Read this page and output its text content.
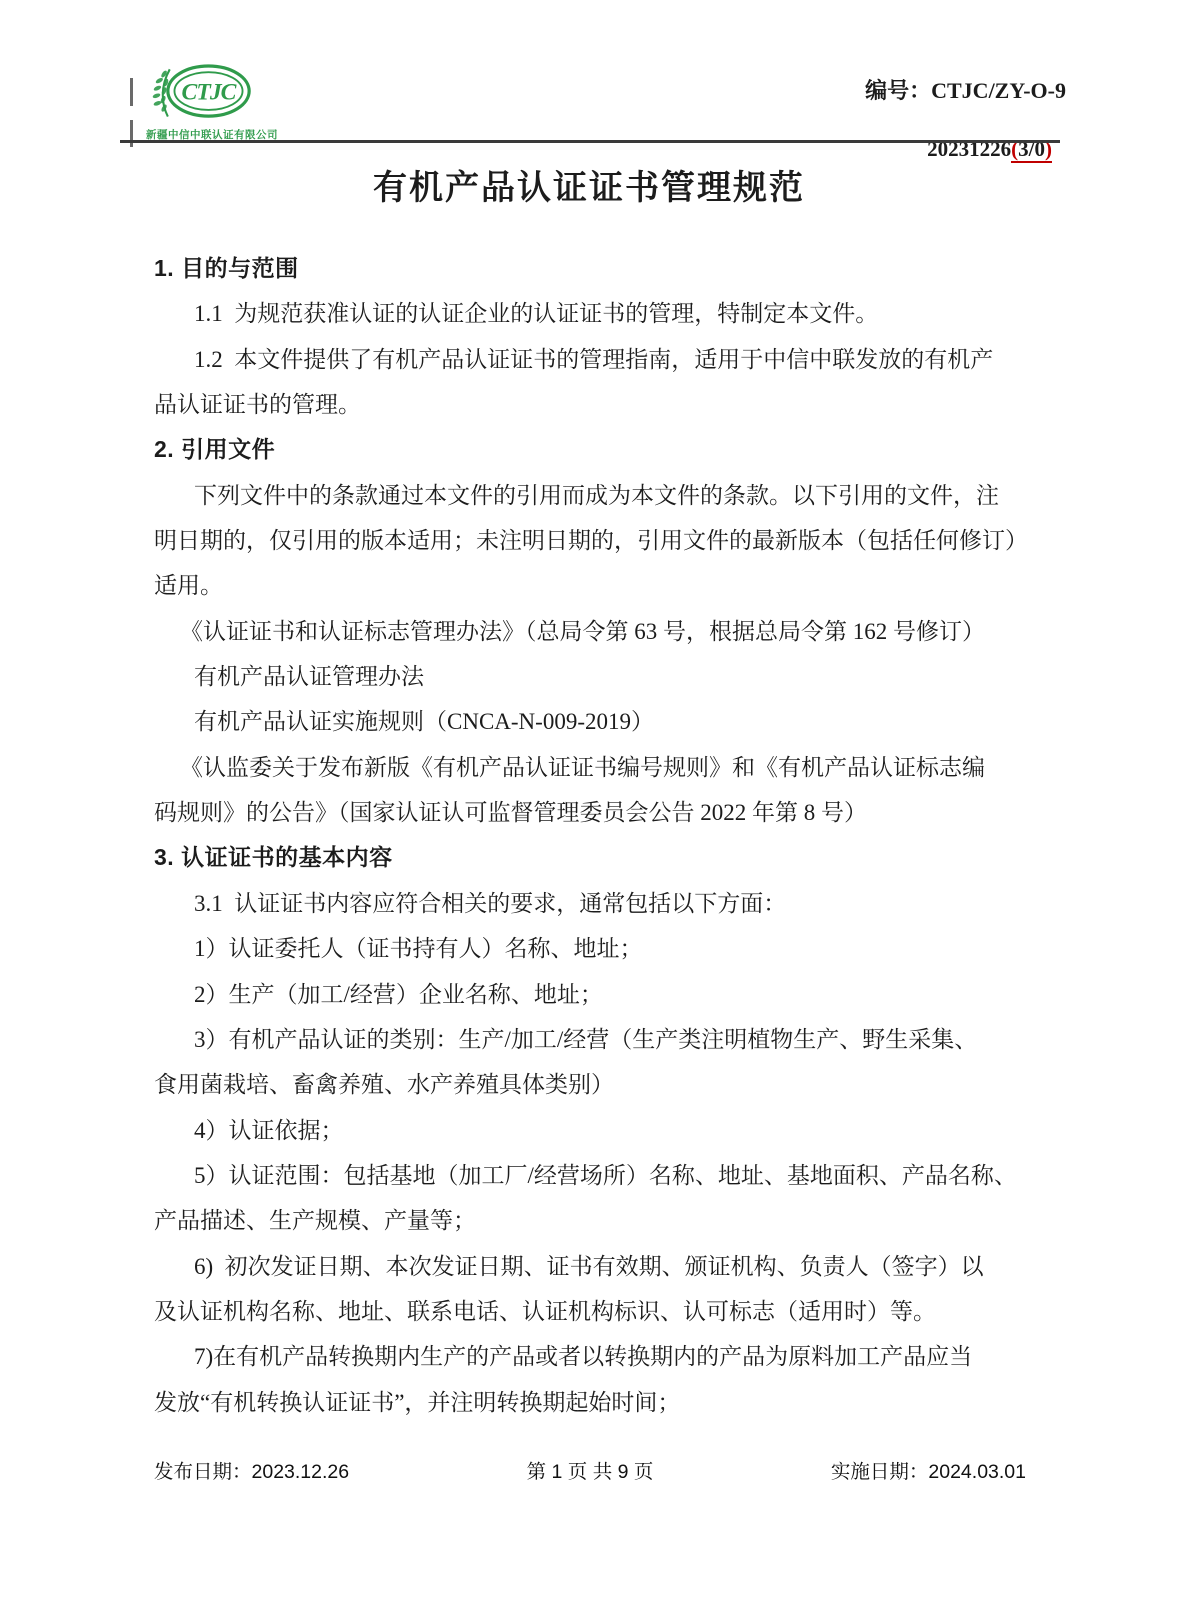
CTJC
新疆中信中联认证有限公司
编号：CTJC/ZY-O-9

20231226(3/0)

有机产品认证证书管理规范
1. 目的与范围
1.1  为规范获准认证的认证企业的认证证书的管理，特制定本文件。
1.2  本文件提供了有机产品认证证书的管理指南，适用于中信中联发放的有机产
品认证证书的管理。
2. 引用文件
下列文件中的条款通过本文件的引用而成为本文件的条款。以下引用的文件，注
明日期的，仅引用的版本适用；未注明日期的，引用文件的最新版本（包括任何修订）
适用。
《认证证书和认证标志管理办法》（总局令第 63 号，根据总局令第 162 号修订）
有机产品认证管理办法
有机产品认证实施规则（CNCA-N-009-2019）
《认监委关于发布新版《有机产品认证证书编号规则》和《有机产品认证标志编
码规则》的公告》（国家认证认可监督管理委员会公告 2022 年第 8 号）
3. 认证证书的基本内容
3.1  认证证书内容应符合相关的要求，通常包括以下方面：
1）认证委托人（证书持有人）名称、地址；
2）生产（加工/经营）企业名称、地址；
3）有机产品认证的类别：生产/加工/经营（生产类注明植物生产、野生采集、
食用菌栽培、畜禽养殖、水产养殖具体类别）
4）认证依据；
5）认证范围：包括基地（加工厂/经营场所）名称、地址、基地面积、产品名称、
产品描述、生产规模、产量等；
6)  初次发证日期、本次发证日期、证书有效期、颁证机构、负责人（签字）以
及认证机构名称、地址、联系电话、认证机构标识、认可标志（适用时）等。
7)在有机产品转换期内生产的产品或者以转换期内的产品为原料加工产品应当
发放“有机转换认证证书”，并注明转换期起始时间；
发布日期：2023.12.26	第 1 页 共 9 页	实施日期：2024.03.01
